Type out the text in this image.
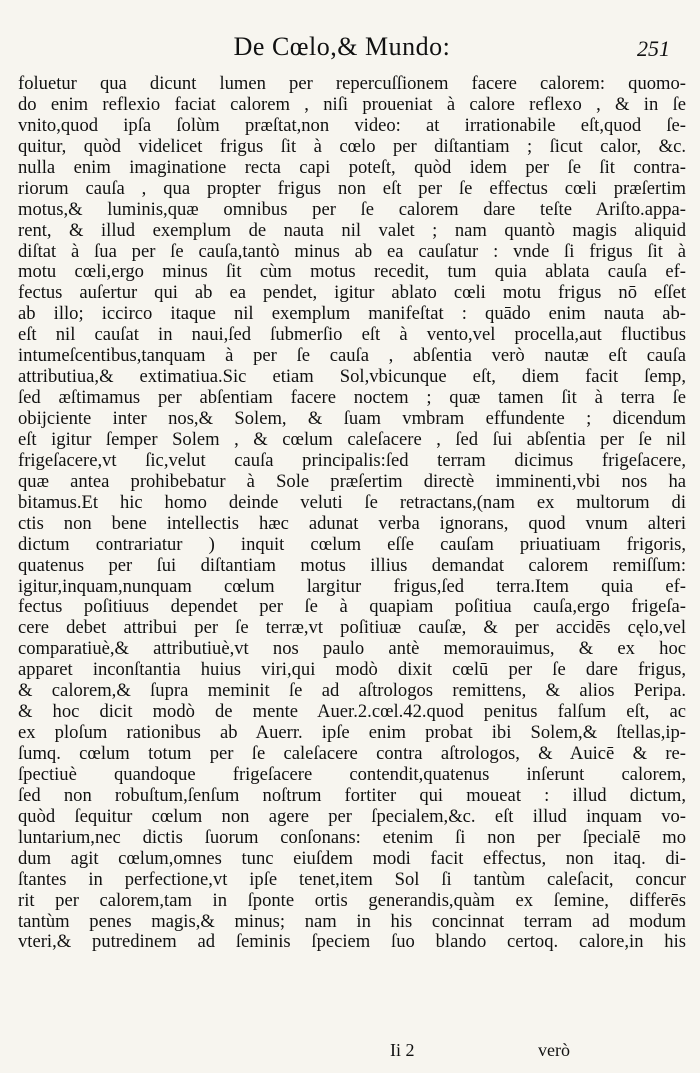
De Cœlo,& Mundo:	251
foluetur qua dicunt lumen per repercuſſionem facere calorem: quomo-
do enim reflexio faciat calorem , niſi proueniat à calore reflexo , & in ſe
vnito,quod ipſa ſolùm præſtat,non video: at irrationabile eſt,quod ſe-
quitur, quòd videlicet frigus ſit à cœlo per diſtantiam ; ſicut calor, &c.
nulla enim imaginatione recta capi poteſt, quòd idem per ſe ſit contra-
riorum cauſa , qua propter frigus non eſt per ſe effectus cœli præſertim
motus,& luminis,quæ omnibus per ſe calorem dare teſte Ariſto.appa-
rent, & illud exemplum de nauta nil valet ; nam quantò magis aliquid
diſtat à ſua per ſe cauſa,tantò minus ab ea cauſatur : vnde ſi frigus ſit à
motu cœli,ergo minus ſit cùm motus recedit, tum quia ablata cauſa ef-
fectus auſertur qui ab ea pendet, igitur ablato cœli motu frigus nō eſſet
ab illo; iccirco itaque nil exemplum manifeſtat : quādo enim nauta ab-
eſt nil cauſat in naui,ſed ſubmerſio eſt à vento,vel procella,aut fluctibus
intumeſcentibus,tanquam à per ſe cauſa , abſentia verò nautæ eſt cauſa
attributiua,& extimatiua.Sic etiam Sol,vbicunque eſt, diem facit ſemp,
ſed æſtimamus per abſentiam facere noctem ; quæ tamen ſit à terra ſe
obijciente inter nos,& Solem, & ſuam vmbram effundente ; dicendum
eſt igitur ſemper Solem , & cœlum caleſacere , ſed ſui abſentia per ſe nil
frigeſacere,vt ſic,velut cauſa principalis:ſed terram dicimus frigeſacere,
quæ antea prohibebatur à Sole præſertim directè imminenti,vbi nos ha
bitamus.Et hic homo deinde veluti ſe retractans,(nam ex multorum di
ctis non bene intellectis hæc adunat verba ignorans, quod vnum alteri
dictum contrariatur ) inquit cœlum eſſe cauſam priuatiuam frigoris,
quatenus per ſui diſtantiam motus illius demandat calorem remiſſum:
igitur,inquam,nunquam cœlum largitur frigus,ſed terra.Item quia ef-
fectus poſitiuus dependet per ſe à quapiam poſitiua cauſa,ergo frigeſa-
cere debet attribui per ſe terræ,vt poſitiuæ cauſæ, & per accidēs cęlo,vel
comparatiuè,& attributiuè,vt nos paulo antè memorauimus, & ex hoc
apparet inconſtantia huius viri,qui modò dixit cœlū per ſe dare frigus,
& calorem,& ſupra meminit ſe ad aſtrologos remittens, & alios Peripa.
& hoc dicit modò de mente Auer.2.cœl.42.quod penitus falſum eſt, ac
ex ploſum rationibus ab Auerr. ipſe enim probat ibi Solem,& ſtellas,ip-
ſumq. cœlum totum per ſe caleſacere contra aſtrologos, & Auicē & re-
ſpectiuè quandoque frigeſacere contendit,quatenus inſerunt calorem,
ſed non robuſtum,ſenſum noſtrum fortiter qui moueat : illud dictum,
quòd ſequitur cœlum non agere per ſpecialem,&c. eſt illud inquam vo-
luntarium,nec dictis ſuorum conſonans: etenim ſi non per ſpecialē mo
dum agit cœlum,omnes tunc eiuſdem modi facit effectus, non itaq. di-
ſtantes in perfectione,vt ipſe tenet,item Sol ſi tantùm caleſacit, concur
rit per calorem,tam in ſponte ortis generandis,quàm ex ſemine, differēs
tantùm penes magis,& minus; nam in his concinnat terram ad modum
vteri,& putredinem ad ſeminis ſpeciem ſuo blando certoq. calore,in his
Ii 2	verò
